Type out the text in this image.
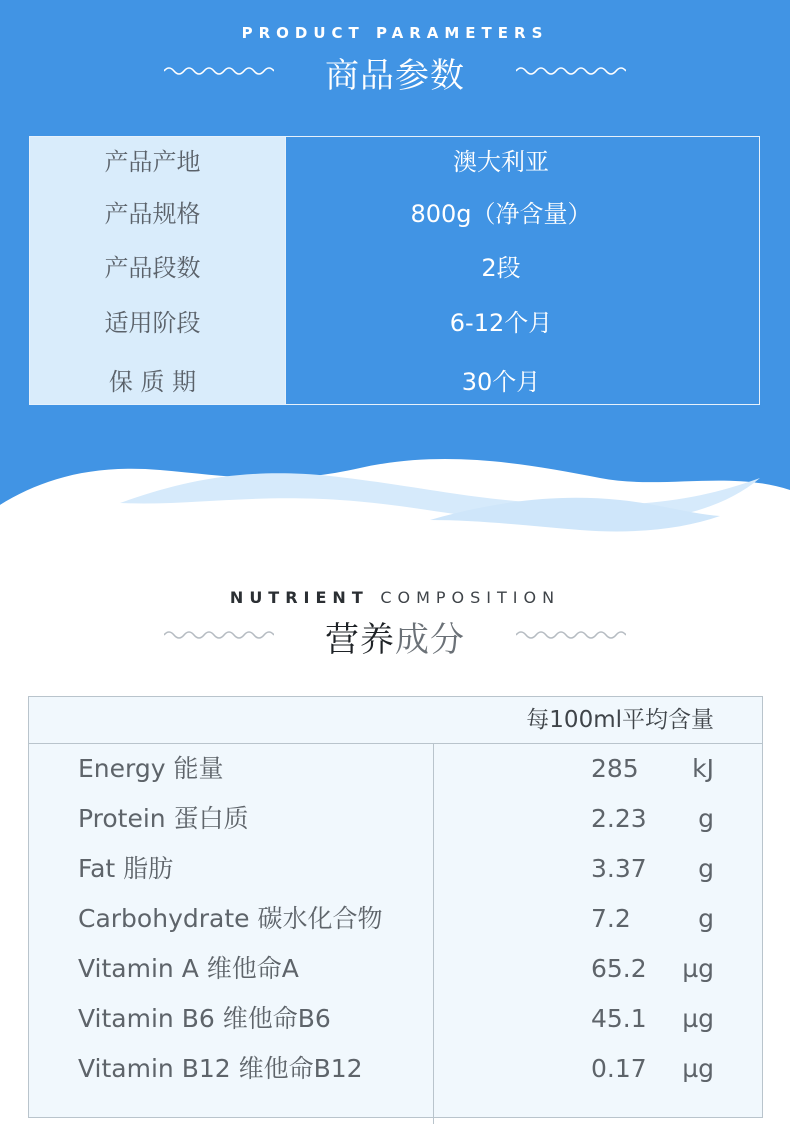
PRODUCT PARAMETERS
商品参数
产品产地	澳大利亚
产品规格	800g（净含量）
产品段数	2段
适用阶段	6-12个月
保 质 期	30个月
NUTRIENT COMPOSITION
营养成分
每100ml平均含量
Energy 能量	285 kJ
Protein 蛋白质	2.23 g
Fat 脂肪	3.37 g
Carbohydrate 碳水化合物	7.2	g
Vitamin A 维他命A	65.2 µg
Vitamin B6 维他命B6	45.1 µg
Vitamin B12 维他命B12	0.17 µg
